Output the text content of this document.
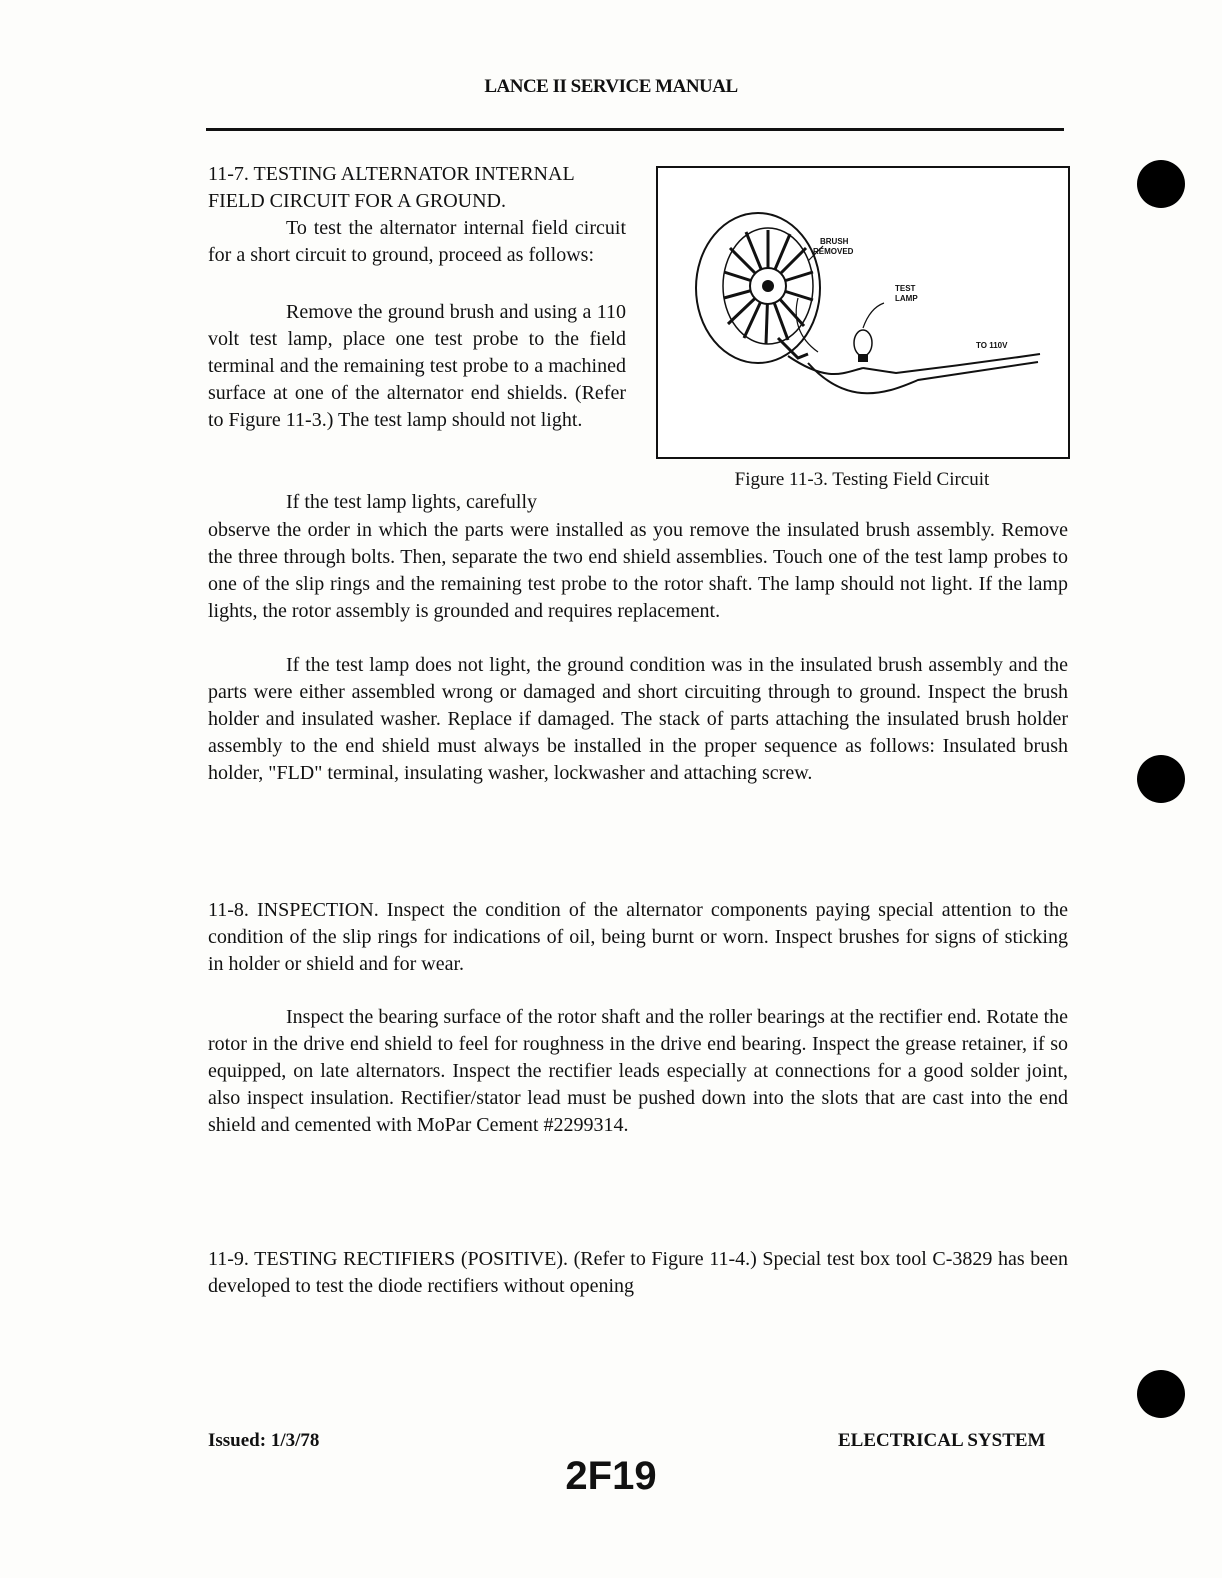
LANCE II SERVICE MANUAL

11-7. TESTING ALTERNATOR INTERNAL FIELD CIRCUIT FOR A GROUND.

To test the alternator internal field circuit for a short circuit to ground, proceed as follows:

Remove the ground brush and using a 110 volt test lamp, place one test probe to the field terminal and the remaining test probe to a machined surface at one of the alternator end shields. (Refer to Figure 11-3.) The test lamp should not light.

If the test lamp lights, carefully

observe the order in which the parts were installed as you remove the insulated brush assembly. Remove the three through bolts. Then, separate the two end shield assemblies. Touch one of the test lamp probes to one of the slip rings and the remaining test probe to the rotor shaft. The lamp should not light. If the lamp lights, the rotor assembly is grounded and requires replacement.

If the test lamp does not light, the ground condition was in the insulated brush assembly and the parts were either assembled wrong or damaged and short circuiting through to ground. Inspect the brush holder and insulated washer. Replace if damaged. The stack of parts attaching the insulated brush holder assembly to the end shield must always be installed in the proper sequence as follows: Insulated brush holder, "FLD" terminal, insulating washer, lockwasher and attaching screw.

BRUSH
REMOVED
TEST
LAMP
TO 110V
Figure 11-3. Testing Field Circuit

11-8. INSPECTION. Inspect the condition of the alternator components paying special attention to the condition of the slip rings for indications of oil, being burnt or worn. Inspect brushes for signs of sticking in holder or shield and for wear.

Inspect the bearing surface of the rotor shaft and the roller bearings at the rectifier end. Rotate the rotor in the drive end shield to feel for roughness in the drive end bearing. Inspect the grease retainer, if so equipped, on late alternators. Inspect the rectifier leads especially at connections for a good solder joint, also inspect insulation. Rectifier/stator lead must be pushed down into the slots that are cast into the end shield and cemented with MoPar Cement #2299314.

11-9. TESTING RECTIFIERS (POSITIVE). (Refer to Figure 11-4.) Special test box tool C-3829 has been developed to test the diode rectifiers without opening

Issued: 1/3/78	ELECTRICAL SYSTEM
2F19
